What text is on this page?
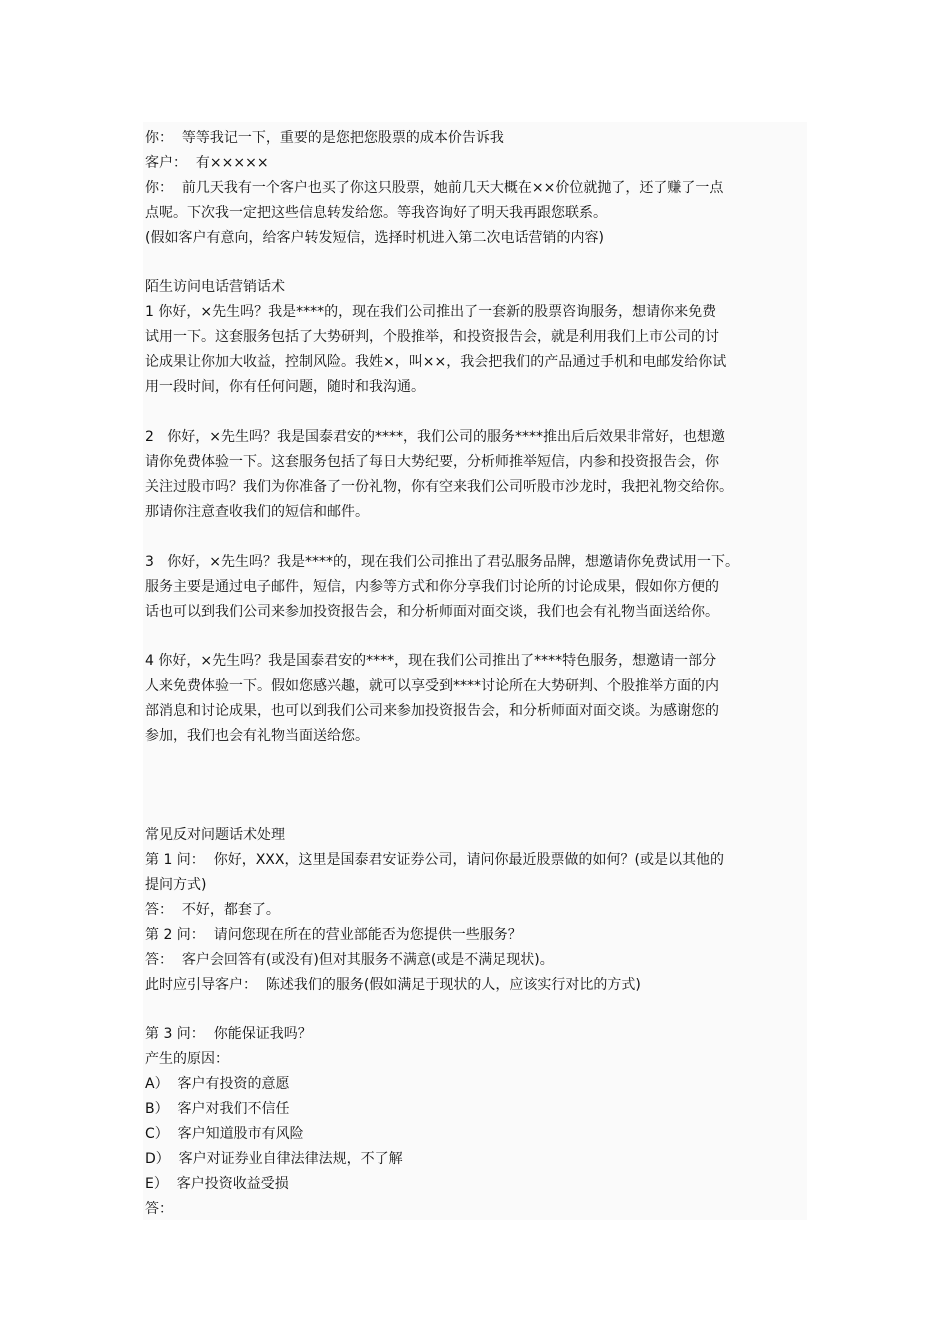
你：  等等我记一下，重要的是您把您股票的成本价告诉我
客户：  有×××××
你：  前几天我有一个客户也买了你这只股票，她前几天大概在××价位就抛了，还了赚了一点
点呢。下次我一定把这些信息转发给您。等我咨询好了明天我再跟您联系。
(假如客户有意向，给客户转发短信，选择时机进入第二次电话营销的内容)
陌生访问电话营销话术
1 你好，×先生吗？我是****的，现在我们公司推出了一套新的股票咨询服务，想请你来免费
试用一下。这套服务包括了大势研判，个股推举，和投资报告会，就是利用我们上市公司的讨
论成果让你加大收益，控制风险。我姓×，叫××，我会把我们的产品通过手机和电邮发给你试
用一段时间，你有任何问题，随时和我沟通。
2   你好，×先生吗？我是国泰君安的****，我们公司的服务****推出后后效果非常好，也想邀
请你免费体验一下。这套服务包括了每日大势纪要，分析师推举短信，内参和投资报告会，你
关注过股市吗？我们为你准备了一份礼物，你有空来我们公司听股市沙龙时，我把礼物交给你。
那请你注意查收我们的短信和邮件。
3   你好，×先生吗？我是****的，现在我们公司推出了君弘服务品牌，想邀请你免费试用一下。
服务主要是通过电子邮件，短信，内参等方式和你分享我们讨论所的讨论成果，假如你方便的
话也可以到我们公司来参加投资报告会，和分析师面对面交谈，我们也会有礼物当面送给你。
4 你好，×先生吗？我是国泰君安的****，现在我们公司推出了****特色服务，想邀请一部分
人来免费体验一下。假如您感兴趣，就可以享受到****讨论所在大势研判、个股推举方面的内
部消息和讨论成果，也可以到我们公司来参加投资报告会，和分析师面对面交谈。为感谢您的
参加，我们也会有礼物当面送给您。
常见反对问题话术处理
第 1 问：  你好，XXX，这里是国泰君安证券公司，请问你最近股票做的如何？(或是以其他的
提问方式)
答：  不好，都套了。
第 2 问：  请问您现在所在的营业部能否为您提供一些服务？
答：  客户会回答有(或没有)但对其服务不满意(或是不满足现状)。
此时应引导客户：  陈述我们的服务(假如满足于现状的人，应该实行对比的方式)
第 3 问：  你能保证我吗？
产生的原因：
A）  客户有投资的意愿
B）  客户对我们不信任
C）  客户知道股市有风险
D）  客户对证券业自律法律法规，不了解
E）  客户投资收益受损
答：
